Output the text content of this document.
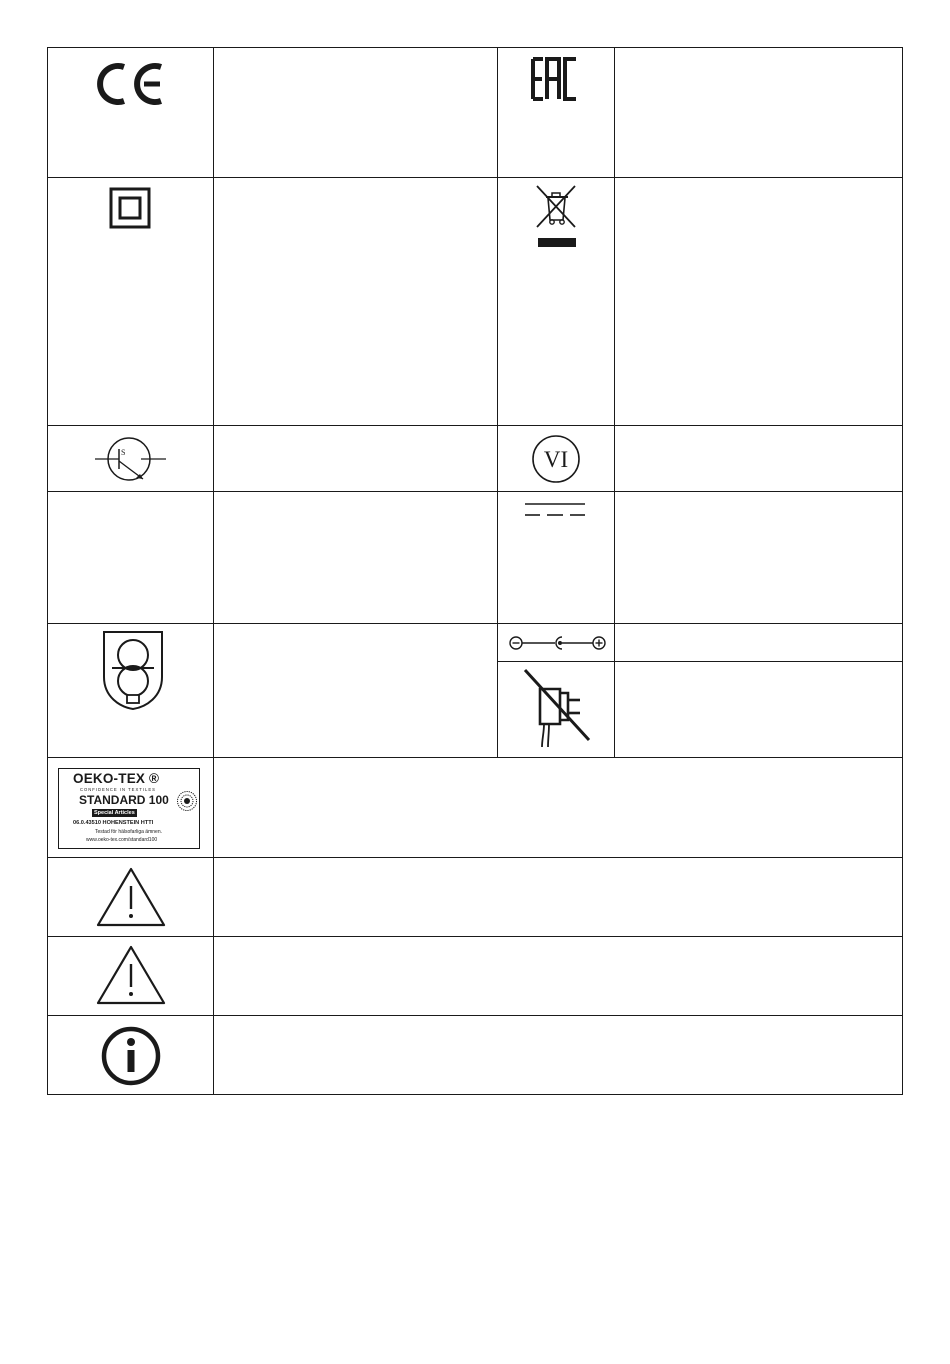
S	VI
OEKO-TEX ®
CONFIDENCE IN TEXTILES
STANDARD 100
Special Articles
06.0.43510 HOHENSTEIN HTTI
Testad för hälsofarliga ämnen.
www.oeko-tex.com/standard100
